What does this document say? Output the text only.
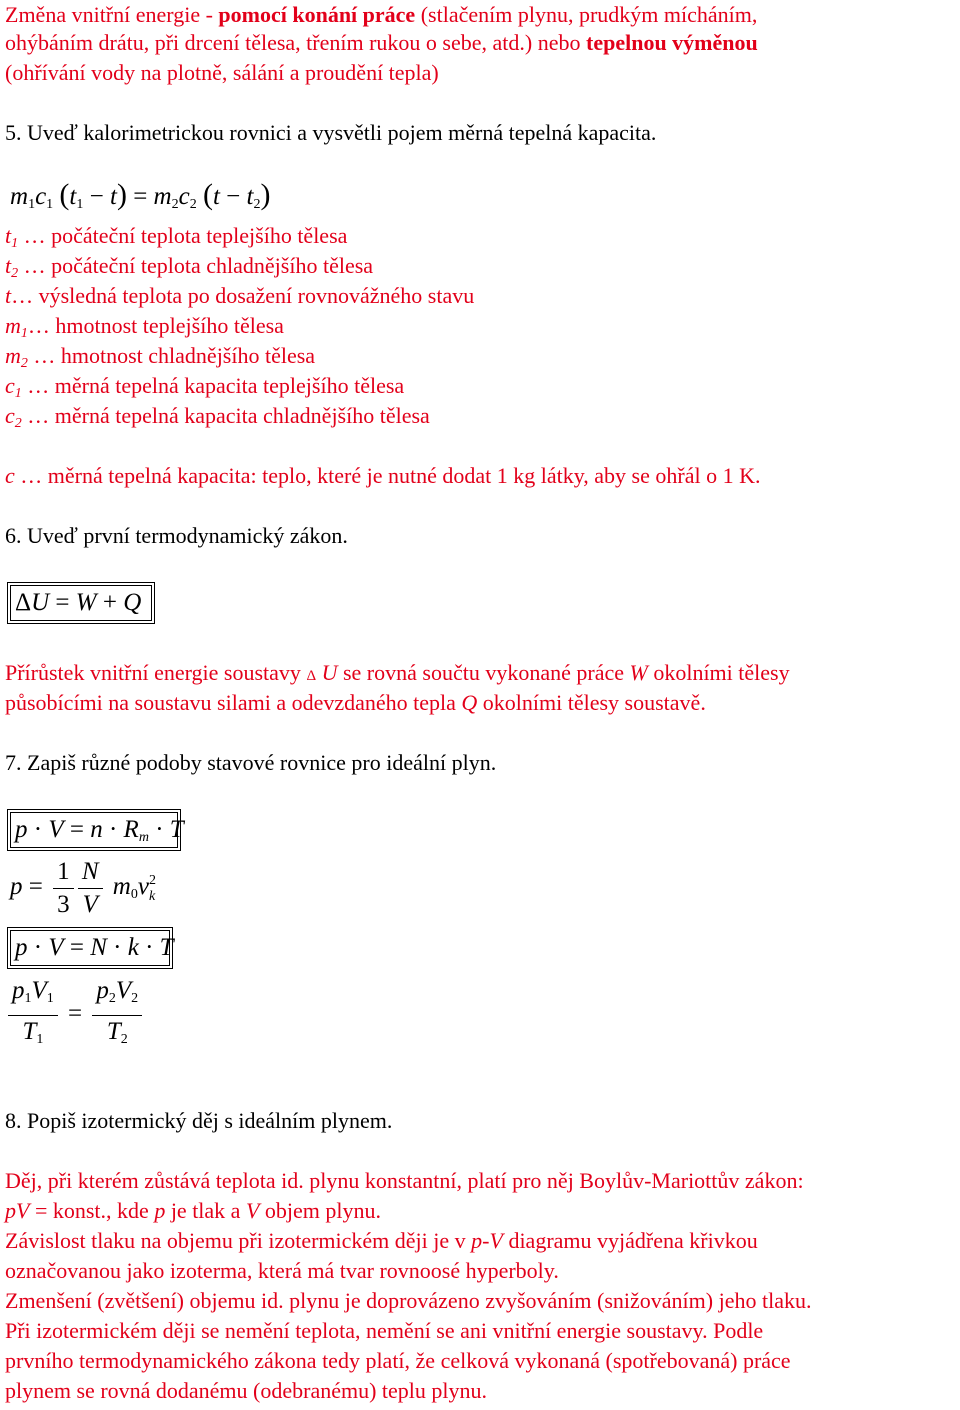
Změna vnitřní energie - pomocí konání práce (stlačením plynu, prudkým mícháním,
ohýbáním drátu, při drcení tělesa, třením rukou o sebe, atd.) nebo tepelnou výměnou
(ohřívání vody na plotně, sálání a proudění tepla)
5. Uveď kalorimetrickou rovnici a vysvětli pojem měrná tepelná kapacita.
$m_1c_1$ $(t_1 - t) = m_2c_2$ $(t - t_2)$
$t_1$ … počáteční teplota teplejšího tělesa
$t_2$ … počáteční teplota chladnějšího tělesa
t… výsledná teplota po dosažení rovnovážného stavu
$m_1\dots$ hmotnost teplejšího tělesa
$m_2$ … hmotnost chladnějšího tělesa
$c_1$ … měrná tepelná kapacita teplejšího tělesa
$c_2$ … měrná tepelná kapacita chladnějšího tělesa
c … měrná tepelná kapacita: teplo, které je nutné dodat 1 kg látky, aby se ohřál o 1 K.
6. Uveď první termodynamický zákon.
ΔU = W + Q
Přírůstek vnitřní energie soustavy Δ U se rovná součtu vykonané práce W okolními tělesy
působícími na soustavu silami a odevzdaného tepla Q okolními tělesy soustavě.
7. Zapiš různé podoby stavové rovnice pro ideální plyn.
$p \cdot V = n \cdot R_m \cdot T$
$p = \frac{1}{3}$
$\frac{N}{V} m_0v$ 2
k
p · V = N · k · T
$\frac{p_1V_1}{T_1} = \frac{p_2V_2}{T_2}$
8. Popiš izotermický děj s ideálním plynem.
Děj, při kterém zůstává teplota id. plynu konstantní, platí pro něj Boylův-Mariottův zákon:
pV = konst., kde p je tlak a V objem plynu.
Závislost tlaku na objemu při izotermickém ději je v p-V diagramu vyjádřena křivkou
označovanou jako izoterma, která má tvar rovnoosé hyperboly.
Zmenšení (zvětšení) objemu id. plynu je doprovázeno zvyšováním (snižováním) jeho tlaku.
Při izotermickém ději se nemění teplota, nemění se ani vnitřní energie soustavy. Podle
prvního termodynamického zákona tedy platí, že celková vykonaná (spotřebovaná) práce
plynem se rovná dodanému (odebranému) teplu plynu.
